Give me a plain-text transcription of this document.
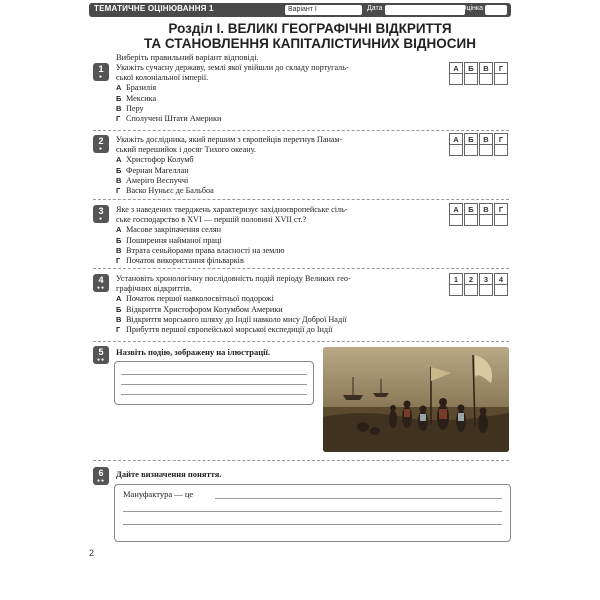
ТЕМАТИЧНЕ ОЦІНЮВАННЯ 1	Варіант І	Дата	Оцінка
Розділ І. ВЕЛИКІ ГЕОГРАФІЧНІ ВІДКРИТТЯ
ТА СТАНОВЛЕННЯ КАПІТАЛІСТИЧНИХ ВІДНОСИН
Виберіть правильний варіант відповіді.
1
●

Укажіть сучасну державу, землі якої увійшли до складу португаль-

ської колоніальної імперії.

А Бразилія

Б Мексика

В Перу

Г Сполучені Штати Америки

А	Б	В	Г
2
●

Укажіть дослідника, який першим з європейців перетнув Панам-

ський перешийок і досяг Тихого океану.

А Христофор Колумб

Б Фернан Магеллан

В Амеріго Веспуччі

Г Васко Нуньєс де Бальбоа

А	Б	В	Г
3
●

Яке з наведених тверджень характеризує західноєвропейське сіль-

ське господарство в XVI — першій половині XVII ст.?

А Масове закріпачення селян

Б Поширення найманої праці

В Втрата сеньйорами права власності на землю

Г Початок використання фільваркiв

А	Б	В	Г
4
●●

Установіть хронологічну послідовність подій періоду Великих гео-

графічних відкриттів.

А Початок першої навколосвітньої подорожі

Б Відкриття Христофором Колумбом Америки

В Відкриття морського шляху до Індії навколо мису Доброї Надії

Г Прибуття першої європейської морської експедиції до Індії

1	2	3	4
5
●●
Назвіть подію, зображену на ілюстрації.
6
●●
Дайте визначення поняття.
Мануфактура — це
2
